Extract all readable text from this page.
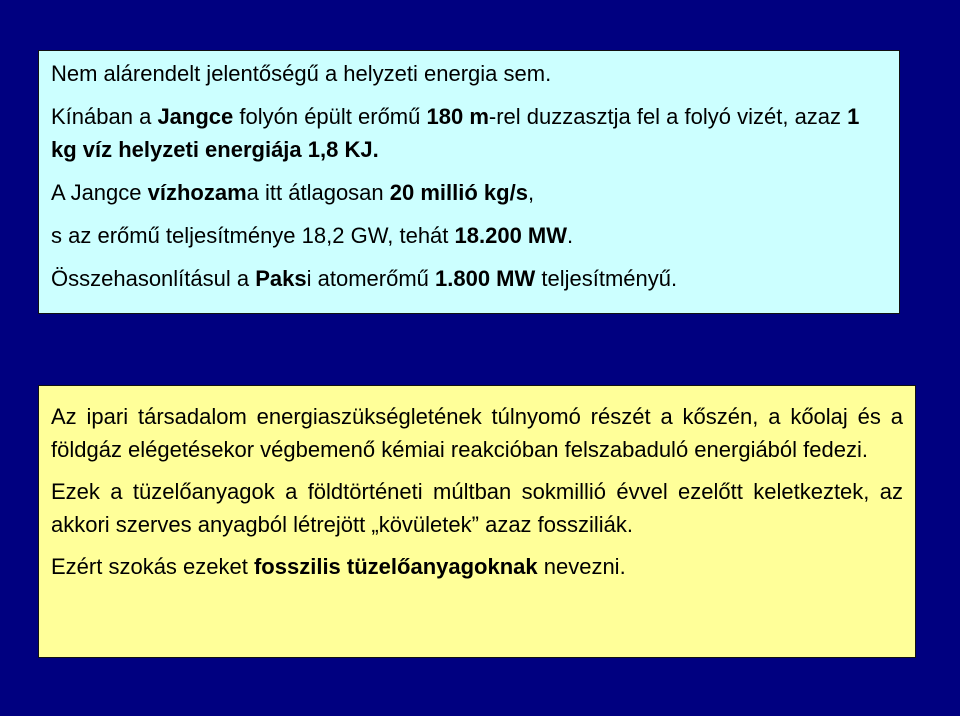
Nem alárendelt jelentőségű a helyzeti energia sem.

Kínában a Jangce folyón épült erőmű 180 m-rel duzzasztja fel a folyó vizét, azaz 1 kg víz helyzeti energiája 1,8 KJ.

A Jangce vízhozama itt átlagosan 20 millió kg/s,

s az erőmű teljesítménye 18,2 GW, tehát 18.200 MW.

Összehasonlításul a Paksi atomerőmű 1.800 MW teljesítményű.

Az ipari társadalom energiaszükségletének túlnyomó részét a kőszén, a kőolaj és a földgáz elégetésekor végbemenő kémiai reakcióban felszabaduló energiából fedezi.

Ezek a tüzelőanyagok a földtörténeti múltban sokmillió évvel ezelőtt keletkeztek, az akkori szerves anyagból létrejött „kövületek” azaz fossziliák.

Ezért szokás ezeket fosszilis tüzelőanyagoknak nevezni.
